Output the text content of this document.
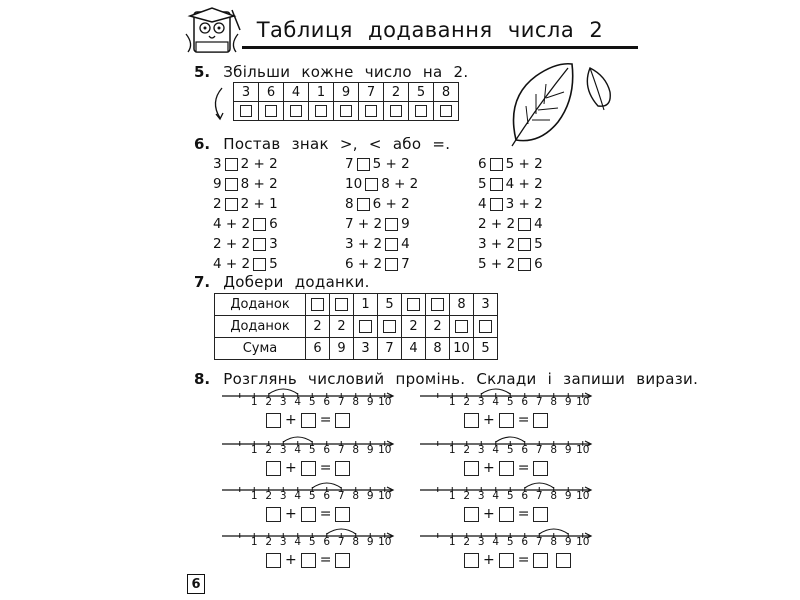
Таблиця додавання числа 2
5. Збільши кожне число на 2.
3	6	4	1	9	7	2	5	8

6. Постав знак >, < або =.
3 2 + 2
9 8 + 2
2 2 + 1
4 + 2 6
2 + 2 3
4 + 2 5
7 5 + 2
10 8 + 2
8 6 + 2
7 + 2 9
3 + 2 4
6 + 2 7
6 5 + 2
5 4 + 2
4 3 + 2
2 + 2 4
3 + 2 5
5 + 2 6
7. Добери доданки.
Доданок			1	5			8	3
Доданок	2	2			2	2		
Сума	6	9	3	7	4	8	10	5
8. Розглянь числовий промінь. Склади і запиши вирази.
1 2 3 4 5 6 7 8 9 10
+ =
1 2 3 4 5 6 7 8 9 10
+ =
1 2 3 4 5 6 7 8 9 10
+ =
1 2 3 4 5 6 7 8 9 10
+ =
1 2 3 4 5 6 7 8 9 10
+ =
1 2 3 4 5 6 7 8 9 10
+ =
1 2 3 4 5 6 7 8 9 10
+ =
1 2 3 4 5 6 7 8 9 10
+ =
6
